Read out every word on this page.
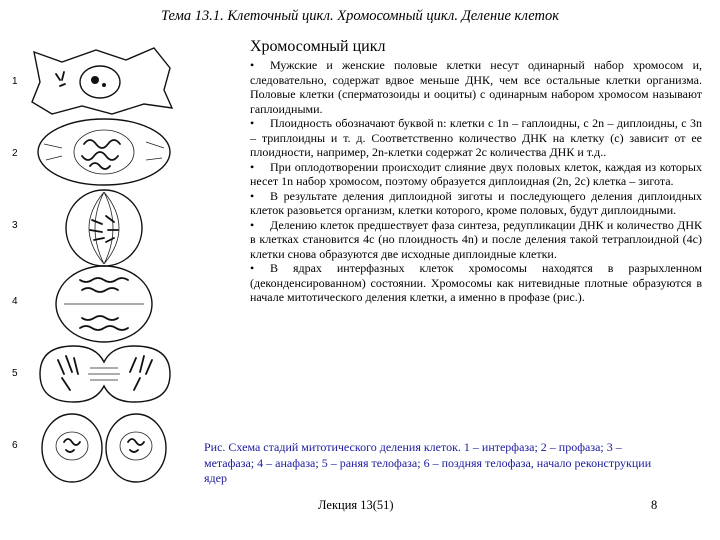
Тема 13.1. Клеточный цикл. Хромосомный цикл. Деление клеток
Хромосомный цикл
1
2
3
4
5
6

• Мужские и женские половые клетки несут одинарный набор хромосом и, следовательно, содержат вдвое меньше ДНК, чем все остальные клетки организма. Половые клетки (сперматозоиды и ооциты) с одинарным набором хромосом называют гаплоидными.

• Плоидность обозначают буквой n: клетки с 1n – гаплоидны, с 2n – диплоидны, с 3n – триплоидны и т. д. Соответственно количество ДНК на клетку (c) зависит от ее плоидности, например, 2n-клетки содержат 2c количества ДНК и т.д..

• При оплодотворении происходит слияние двух половых клеток, каждая из которых несет 1n набор хромосом, поэтому образуется диплоидная (2n, 2c) клетка – зигота.

• В результате деления диплоидной зиготы и последующего деления диплоидных клеток разовьется организм, клетки которого, кроме половых, будут диплоидными.

• Делению клеток предшествует фаза синтеза, редупликации ДНК и количество ДНК в клетках становится 4c (но плоидность 4n) и после деления такой тетраплоидной (4c) клетки снова образуются две исходные диплоидные клетки.

• В ядрах интерфазных клеток хромосомы находятся в разрыхленном (деконденсированном) состоянии. Хромосомы как нитевидные плотные образуются в начале митотического деления клетки, а именно в профазе (рис.).

Рис. Схема стадий митотического деления клеток. 1 – интерфаза; 2 – профаза; 3 – метафаза; 4 – анафаза; 5 – раняя телофаза; 6 – поздняя телофаза, начало реконструкции ядер
Лекция 13(51)	8
